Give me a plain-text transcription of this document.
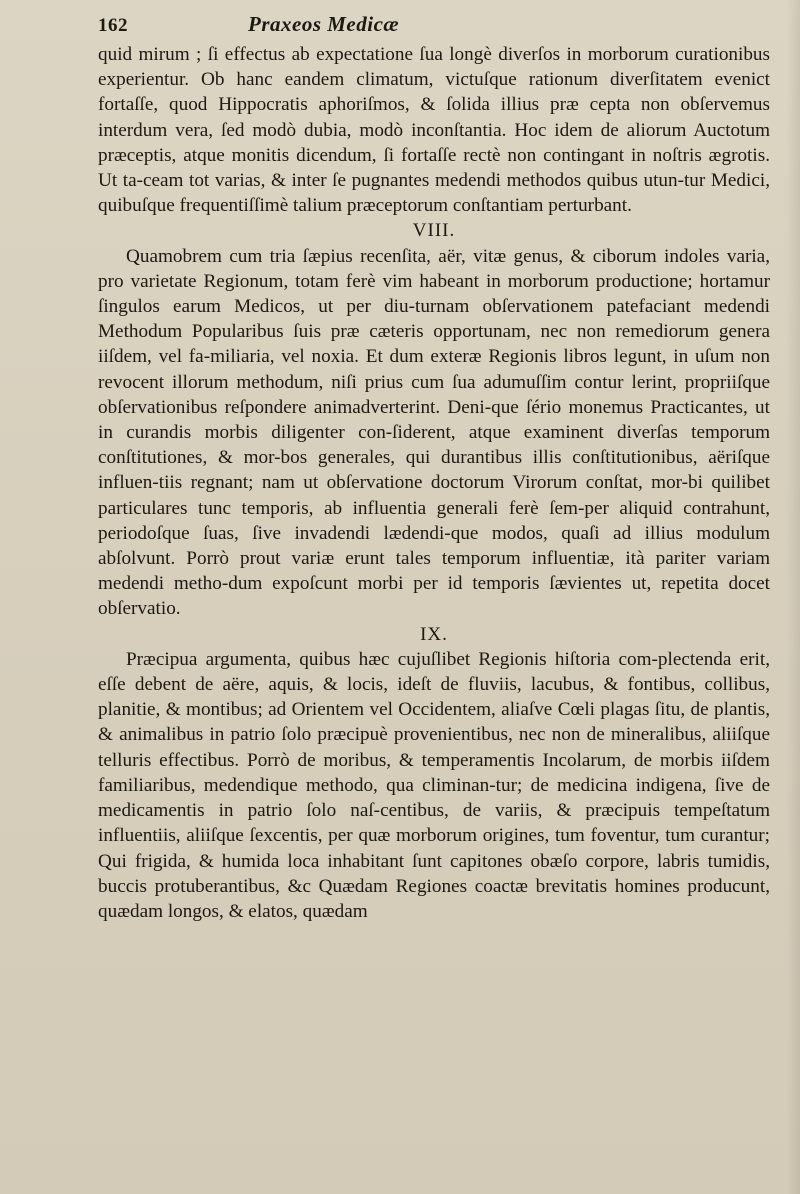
162	Praxeos Medicæ

quid mirum ; ſi effectus ab expectatione ſua longè diverſos in morborum curationibus experientur. Ob hanc eandem climatum, victuſque rationum diverſitatem evenict fortaſſe, quod Hippocratis aphoriſmos, & ſolida illius præ cepta non obſervemus interdum vera, ſed modò dubia, modò inconſtantia. Hoc idem de aliorum Auctotum præceptis, atque monitis dicendum, ſi fortaſſe rectè non contingant in noſtris ægrotis. Ut ta-ceam tot varias, & inter ſe pugnantes medendi methodos quibus utun-tur Medici, quibuſque frequentiſſimè talium præceptorum conſtantiam perturbant.

VIII.

Quamobrem cum tria ſæpius recenſita, aër, vitæ genus, & ciborum indoles varia, pro varietate Regionum, totam ferè vim habeant in morborum productione; hortamur ſingulos earum Medicos, ut per diu-turnam obſervationem patefaciant medendi Methodum Popularibus ſuis præ cæteris opportunam, nec non remediorum genera iiſdem, vel fa-miliaria, vel noxia. Et dum exteræ Regionis libros legunt, in uſum non revocent illorum methodum, niſi prius cum ſua adumuſſim contur lerint, propriiſque obſervationibus reſpondere animadverterint. Deni-que ſério monemus Practicantes, ut in curandis morbis diligenter con-ſiderent, atque examinent diverſas temporum conſtitutiones, & mor-bos generales, qui durantibus illis conſtitutionibus, aëriſque influen-tiis regnant; nam ut obſervatione doctorum Virorum conſtat, mor-bi quilibet particulares tunc temporis, ab influentia generali ferè ſem-per aliquid contrahunt, periodoſque ſuas, ſive invadendi lædendi-que modos, quaſi ad illius modulum abſolvunt. Porrò prout variæ erunt tales temporum influentiæ, ità pariter variam medendi metho-dum expoſcunt morbi per id temporis ſævientes ut, repetita docet obſervatio.

IX.

Præcipua argumenta, quibus hæc cujuſlibet Regionis hiſtoria com-plectenda erit, eſſe debent de aëre, aquis, & locis, ideſt de fluviis, lacubus, & fontibus, collibus, planitie, & montibus; ad Orientem vel Occidentem, aliaſve Cœli plagas ſitu, de plantis, & animalibus in patrio ſolo præcipuè provenientibus, nec non de mineralibus, aliiſque telluris effectibus. Porrò de moribus, & temperamentis Incolarum, de morbis iiſdem familiaribus, medendique methodo, qua climinan-tur; de medicina indigena, ſive de medicamentis in patrio ſolo naſ-centibus, de variis, & præcipuis tempeſtatum influentiis, aliiſque ſexcentis, per quæ morborum origines, tum foventur, tum curantur; Qui frigida, & humida loca inhabitant ſunt capitones obæſo corpore, labris tumidis, buccis protuberantibus, &c Quædam Regiones coactæ brevitatis homines producunt, quædam longos, & elatos, quædam
